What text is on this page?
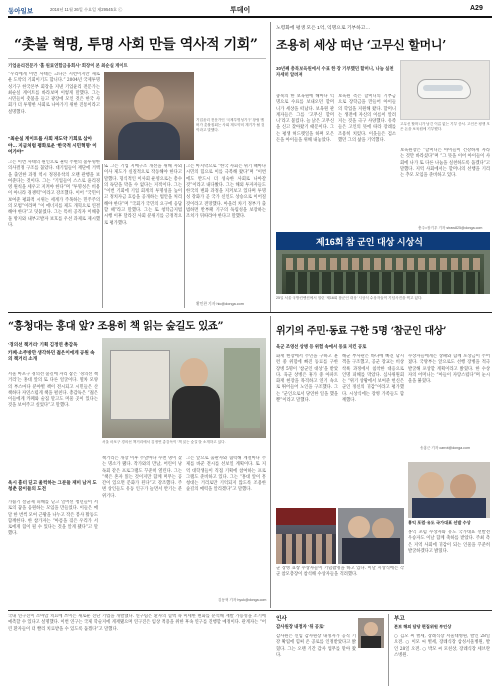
동아일보	2016년 11월 26일 수요일 제29545호 ⓒ	투데이	A29
“촛불 혁명, 투명 사회 만들 역사적 기회”
기업윤리전문가 ‘홉 원료연합금융회사’ 회장이 본 최순실 게이트
“우리에게 이번 사태는 크나큰 시련이지만 새로운 도약의 기회이기도 합니다.” 2004년 국제투명성기구 한국본부 회장을 지낸 기업윤리 전문가는 최순실 게이트를 바라보며 이렇게 말했다. 그는 시민들이 촛불을 들고 광장에 모인 것은 한국 사회가 더 투명한 사회로 나아가기 위한 진통이라고 설명했다.
기업윤리 전문가인 ‘국제투명성기구’ 창립 멤버가 촛불집회는 사회 재도약의 계기가 될 것이라고 말했다.
“최순실 게이트를 사회 재도약 기회로 삼아야… 지금처럼 평화로운 ‘한국적 시민혁명’ 이어가야”
그는 이번 사태의 원인으로 권력 주변의 불투명한 의사결정 구조를 꼽았다. 대기업들이 재단에 거액을 출연한 과정 역시 정경유착의 오랜 관행을 보여준다는 것이다. 그는 “기업들이 스스로 윤리경영 원칙을 세우고 지켜야 한다”며 “투명성은 비용이 아니라 경쟁력”이라고 강조했다. 이어 “국민이 보여준 평화적 시위는 세계가 주목하는 민주주의의 모범”이라며 “이 에너지를 제도 개혁으로 연결해야 한다”고 덧붙였다. 그는 특히 공직자 이해충돌 방지와 내부고발자 보호를 우선 과제로 제시했다.
또 그는 기업 지배구조 개선을 위해 사외이사 제도가 실질적으로 작동해야 한다고 말했다. 형식적인 이사회 운영으로는 총수의 독단을 막을 수 없다는 지적이다. 그는 “이번 기회에 기업 회계의 투명성을 높이고 정치자금 흐름을 공개하는 법안을 처리해야 한다”며 “국회가 국민의 요구에 응답할 때”라고 말했다. 그는 또 청탁금지법 시행 이후 달라진 사회 분위기를 긍정적으로 평가했다.
그는 마지막으로 “한국 사회는 위기 때마다 시민의 힘으로 이를 극복해 왔다”며 “이번에도 반드시 더 성숙한 사회로 나아갈 것”이라고 내다봤다. 그는 해외 투자자들도 한국의 변화 과정을 지켜보고 있다며 투명성 강화가 곧 국가 신인도 상승으로 이어질 것이라고 전망했다. 아울러 차기 정부가 출범하면 반부패 기구의 독립성을 보장하는 조치가 뒤따라야 한다고 말했다.
황인찬 기자 hic@donga.com
노령화에 평생 모은 1억, 익명으로 기부하고…
조용히 세상 떠난 ‘고무신 할머니’
30년째 충북보육원에서 수표 한 장 기부했던 할머니, 나눔 실천 자세히 알려져
고무신 할머니가 남긴 이름 없는 기부 증서. 고인은 평생 모은 돈을 보육원에 기부했다.
충북의 한 보육원에 해마다 익명으로 수표를 보내오던 할머니가 세상을 떠났다. 보육원 관계자들은 그를 ‘고무신 할머니’라고 불렀다. 늘 낡은 고무신을 신고 찾아왔기 때문이다. 그는 평생 허드렛일을 하며 모은 돈을 아이들을 위해 내놓았다.
보육원 측은 할머니의 기부금으로 장학금을 만들어 아이들의 학업을 지원해 왔다. 할머니는 생전에 자신의 이름이 알려지는 것을 극구 사양했다. 유족들은 고인의 뜻에 따라 장례를 조용히 치렀다. 이웃들은 검소했던 그의 삶을 기억했다.
보육원장은 “할머니는 아이들이 건강하게 자라는 것만 바라셨다”며 “그 뜻을 이어 아이들이 사회에 나가 또 다른 나눔을 실천하도록 돕겠다”고 말했다. 지역 사회에서는 할머니의 선행을 기리는 추모 모임을 준비하고 있다.
충주=장기우 기자 straw825@donga.com
제16회 참 군인 대상 시상식
25일 서울 국방컨벤션에서 열린 ‘제16회 참군인 대상’ 시상식 수상자들이 기념사진을 찍고 있다.
“흥청대는 홍대 앞? 조용히 책 읽는 숲길도 있죠”
‘경의선 책거리’ 기획 김정연 총감독
카페·소주방만 생각하던 젊은이에게 공원 속의 책거리 소개
서울 마포구 경의선 숲길에 자리 잡은 ‘경의선 책거리’는 홍대 앞의 또 다른 얼굴이다. 열차 모양의 부스마다 분야별 책이 전시되고 시민들은 산책하다 자연스럽게 책을 펼친다. 총감독은 “젊은이들에게 카페와 술집 말고도 머물 곳이 있다는 것을 보여주고 싶었다”고 말했다.
서울 마포구 경의선 책거리에서 김정연 총감독이 ‘책 읽는 숲길’을 소개하고 있다.
책거리는 개장 이후 주말마다 수천 명이 찾는 명소가 됐다. 작가와의 만남, 어린이 낭독회 같은 프로그램도 꾸준히 열린다. 그는 “책은 혼자 읽는 것이지만 함께 머무는 공간이 있으면 문화가 된다”고 강조했다. 주변 상인들도 유동 인구가 늘면서 반기는 분위기다.
그는 앞으로 출판사와 협력해 계절마다 주제를 바꾼 전시를 선보일 계획이다. 또 지역 대학생들이 직접 기획에 참여하는 프로그램도 준비하고 있다. 그는 “홍대 앞이 흥청대는 거리로만 기억되지 않도록 조용한 숲길의 매력을 알리겠다”고 말했다.
김동혁 기자 hyuk@donga.com
옥시 흉터 딛고 울컥하는 그분들 재미 남겨 도 청춘 꿈이들의 도전
가습기 살균제 피해를 딛고 일어선 청년들이 서로의 꿈을 응원하는 모임을 만들었다. 이들은 매달 한 번씩 모여 근황을 나누고 작은 봉사 활동도 함께한다. 한 참가자는 “아픔을 겪은 우리가 서로에게 힘이 될 수 있다는 것을 알게 됐다”고 말했다.
위기의 주민·동료 구한 5명 ‘참군인 대상’
육군 조영선 상병 등 위험 속에서 동료 지킨 공로
화재 현장에서 주민을 구하고 훈련 중 위험에 빠진 동료를 구한 장병 5명이 ‘참군인 대상’을 받았다. 육군 상병은 휴가 중 아파트 화재 현장을 목격하고 연기 속으로 뛰어들어 노인을 구조했다. 그는 “군인으로서 당연한 일을 했을 뿐”이라고 말했다.
해군 부사관은 바다에 빠진 낚시객을 구조했고, 공군 장교는 비상 착륙 과정에서 침착한 대응으로 인명 피해를 막았다. 심사위원회는 “위기 상황에서 보여준 헌신은 군인 정신의 귀감”이라고 평가했다. 시상식에는 장병 가족들도 함께했다.
수상자들에게는 상패와 함께 포상금이 주어졌다. 국방부는 앞으로도 선행 장병을 적극 발굴해 포상할 계획이라고 밝혔다. 한 수상자의 어머니는 “아들이 자랑스럽다”며 눈시울을 붉혔다.
송홍근 기자 carrot@donga.com
군 장병 표창 수상자들이 기념촬영을 하고 있다. 이날 시상식에는 각 군 참모총장이 참석해 수상자들을 격려했다.
홍익 포럼·유도 국가대표 선발 수상
홍익 포럼 수상자와 유도 국가대표 선발전 우승자도 이날 함께 축하를 받았다. 주최 측은 지역 사회에 귀감이 되는 인물을 꾸준히 발굴하겠다고 밝혔다.
인사
감사원장 내정자 ‘뒤 공로’
감사원은 신임 감사원장 내정자가 공직 기강 확립에 힘써 온 공로를 인정받았다고 밝혔다. 그는 오랜 기간 감사 업무를 맡아 왔다.
부고
본보 해외 담당 편집위원 부인상
○ 김모 씨 별세, 장례식장 서울대병원, 발인 28일 오전. ○ 이모 씨 별세, 장례식장 삼성서울병원, 발인 28일 오전. ○ 박모 씨 모친상, 장례식장 세브란스병원.
국내 연구진이 소아암 치료에 쓰이는 새로운 진단 기법을 개발했다. 연구팀은 환자의 혈액 속 미세한 변화를 분석해 재발 가능성을 조기에 예측할 수 있다고 설명했다. 이번 연구는 국제 학술지에 게재됐으며 연구진은 임상 적용을 위한 후속 연구를 진행할 예정이다. 관계자는 “어린 환자들이 더 빨리 치료받을 수 있도록 돕겠다”고 말했다.
